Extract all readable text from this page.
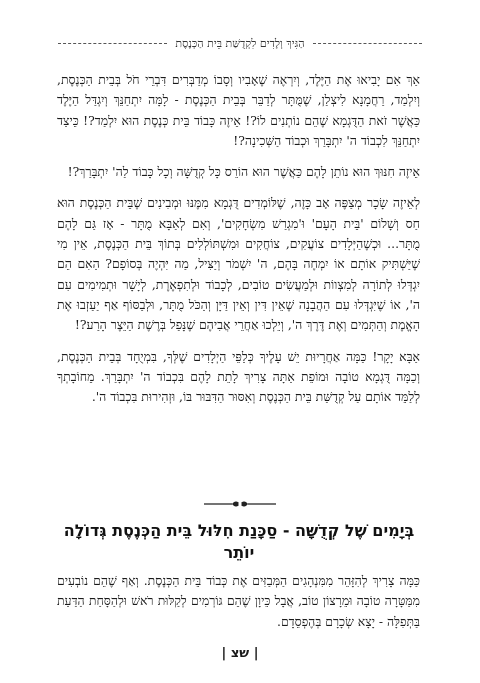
הַגִּיךְ וְלָדִים לִקְדֻשַּׁת בֵּית הַכְּנֶסֶת

אַךְ אִם יָבִיאוּ אֶת הַיֶּלֶד, וְיִרְאֶה שֶׁאָבִיו וְסָבוֹ מְדַבְּרִים דִּבְרֵי חֹל בְּבֵית הַכְּנֶסֶת, וְיִלְמַד, רַחֲמָנָא לִיצְלַן, שֶׁמֻּתָּר לְדַבֵּר בְּבֵית הַכְּנֶסֶת - לָמָּה יִתְחַנֵּךְ וְיִגְדַּל הַיֶּלֶד כַּאֲשֶׁר זֹאת הַדֻּגְמָא שֶׁהֵם נוֹתְנִים לוֹ?! אֵיזֶה כָּבוֹד בֵּית כְּנֶסֶת הוּא יִלְמַד?! כֵּיצַד יִתְחַנֵּךְ לִכְבוֹד ה' יִתְבָּרַךְ וּכְבוֹד הַשְּׁכִינָה?!

אֵיזֶה חִנּוּךְ הוּא נוֹתֵן לָהֶם כַּאֲשֶׁר הוּא הוֹרֵס כָּל קְדֻשָּׁה וְכָל כָּבוֹד לַה' יִתְבָּרַךְ?!

לְאֵיזֶה שָׂכָר מְצַפֶּה אָב כָּזֶה, שֶׁלּוֹמְדִים דֻּגְמָא מִמֶּנּוּ וּמְבִינִים שֶׁבֵּית הַכְּנֶסֶת הוּא חַס וְשָׁלוֹם 'בֵּית הָעָם' וּ'מִגְרַשׁ מִשְׂחָקִים', וְאִם לְאַבָּא מֻתָּר - אָז גַּם לָהֶם מֻתָּר... וּכְשֶׁהַיְּלָדִים צוֹעֲקִים, צוֹחֲקִים וּמִשְׁתּוֹלְלִים בְּתוֹךְ בֵּית הַכְּנֶסֶת, אֵין מִי שֶׁיַּשְׁתִּיק אוֹתָם אוֹ יִמְחֶה בָּהֶם, ה' יִשְׁמֹר וְיַצִּיל, מַה יִּהְיֶה בְּסוֹפָם? הַאִם הֵם יִגְדְּלוּ לְתוֹרָה לְמִצְווֹת וּלְמַעֲשִׂים טוֹבִים, לְכָבוֹד וּלְתִפְאֶרֶת, לְיָשָׁר וּתְמִימִים עִם ה', אוֹ שֶׁיִּגְדְּלוּ עִם הַהֲבָנָה שֶׁאֵין דִּין וְאֵין דַּיָּן וְהַכֹּל מֻתָּר, וּלְבַסּוֹף אַף יַעַזְבוּ אֶת הָאֱמֶת וְהַתְּמִים וְאֶת דֶּרֶךְ ה', וְיֵלְכוּ אַחֲרֵי אֲבִיהֶם שֶׁנָּפַל בְּרֶשֶׁת הַיֵּצֶר הָרַע?!

אַבָּא יָקָר! כַּמָּה אַחֲרָיוּת יֵשׁ עָלֶיךָ כְּלַפֵּי הַיְלָדִים שֶׁלְּךָ, בִּמְיֻחָד בְּבֵית הַכְּנֶסֶת, וְכַמָּה דֻּגְמָא טוֹבָה וּמוֹפֵת אַתָּה צָרִיךְ לָתֵת לָהֶם בִּכְבוֹד ה' יִתְבָּרַךְ. מֵחוֹבָתְךָ לְלַמֵּד אוֹתָם עַל קְדֻשַּׁת בֵּית הַכְּנֶסֶת וְאִסּוּר הַדִּבּוּר בּוֹ, וּזְהִירוּת בִּכְבוֹד ה'.

בְּיָמִים שֶׁל קְדֻשָּׁה - סַכָּנַת חִלּוּל בֵּית הַכְּנֶסֶת גְּדוֹלָה יוֹתֵר

כַּמָּה צָרִיךְ לְהִזָּהֵר מִמִּנְהָגִים הַמְּבַזִּים אֶת כְּבוֹד בֵּית הַכְּנֶסֶת. וְאַף שֶׁהֵם נוֹבְעִים מִמַּטָּרָה טוֹבָה וּמֵרָצוֹן טוֹב, אֲבָל כֵּיוָן שֶׁהֵם גּוֹרְמִים לְקַלּוּת רֹאשׁ וּלְהַסָּחַת הַדַּעַת בַּתְּפִלָּה - יָצָא שְׂכָרָם בְּהֶפְסֵדָם.

| שצ |
